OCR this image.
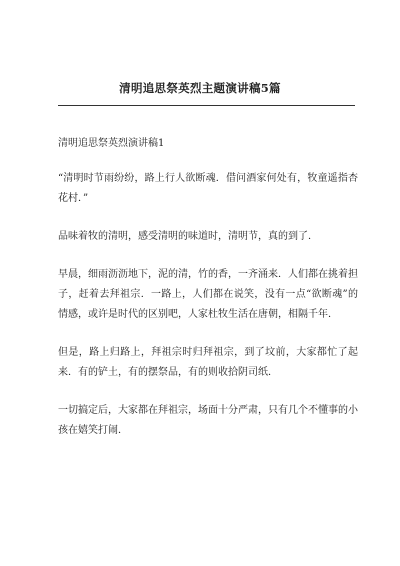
清明追思祭英烈主题演讲稿5篇
清明追思祭英烈演讲稿1

“清明时节雨纷纷，路上行人欲断魂．借问酒家何处有，牧童遥指杏花村．”

品味着牧的清明，感受清明的味道时，清明节，真的到了．

早晨，细雨沥沥地下，泥的清，竹的香，一齐涌来．人们都在挑着担子，赶着去拜祖宗．一路上，人们都在说笑，没有一点“欲断魂”的情感，或许是时代的区别吧，人家杜牧生活在唐朝，相隔千年．

但是，路上归路上，拜祖宗时归拜祖宗，到了坟前，大家都忙了起来．有的铲土，有的摆祭品，有的则收拾阴司纸．

一切搞定后，大家都在拜祖宗，场面十分严肃，只有几个不懂事的小孩在嬉笑打闹．
